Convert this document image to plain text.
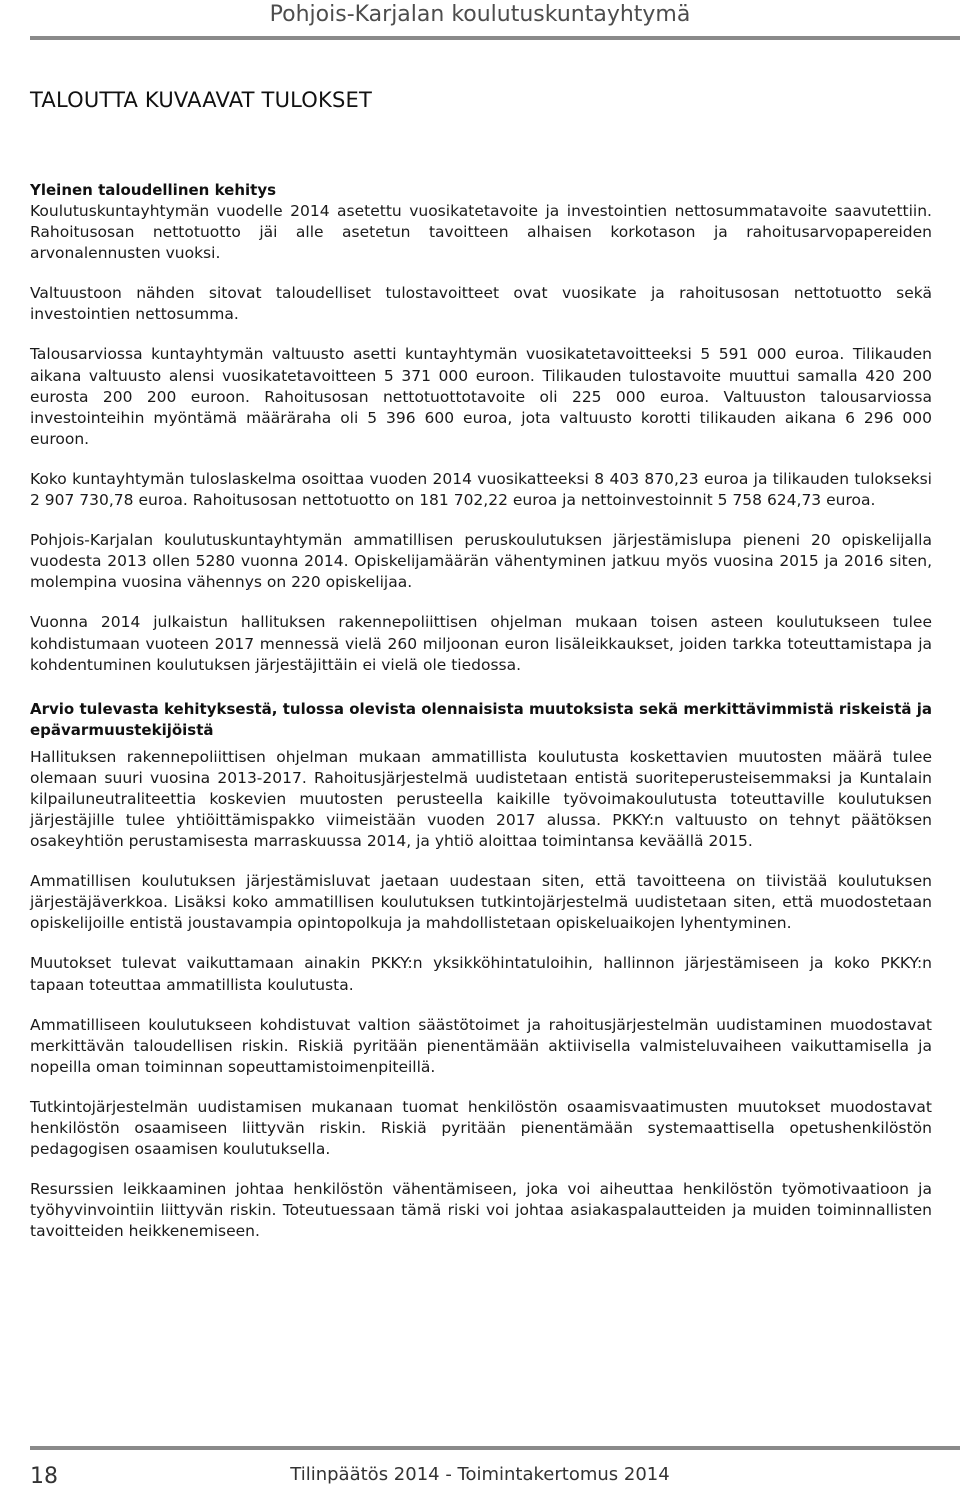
Pohjois-Karjalan koulutuskuntayhtymä
TALOUTTA KUVAAVAT TULOKSET
Yleinen taloudellinen kehitys

Koulutuskuntayhtymän vuodelle 2014 asetettu vuosikatetavoite ja investointien nettosummatavoite saavutettiin. Rahoitusosan nettotuotto jäi alle asetetun tavoitteen alhaisen korkotason ja rahoitusarvopapereiden arvonalennusten vuoksi.

Valtuustoon nähden sitovat taloudelliset tulostavoitteet ovat vuosikate ja rahoitusosan nettotuotto sekä investointien nettosumma.

Talousarviossa kuntayhtymän valtuusto asetti kuntayhtymän vuosikatetavoitteeksi 5 591 000 euroa. Tilikauden aikana valtuusto alensi vuosikatetavoitteen 5 371 000 euroon. Tilikauden tulostavoite muuttui samalla 420 200 eurosta 200 200 euroon. Rahoitusosan nettotuottotavoite oli 225 000 euroa. Valtuuston talousarviossa investointeihin myöntämä määräraha oli 5 396 600 euroa, jota valtuusto korotti tilikauden aikana 6 296 000 euroon.

Koko kuntayhtymän tuloslaskelma osoittaa vuoden 2014 vuosikatteeksi 8 403 870,23 euroa ja tilikauden tulokseksi 2 907 730,78 euroa. Rahoitusosan nettotuotto on 181 702,22 euroa ja nettoinvestoinnit 5 758 624,73 euroa.

Pohjois-Karjalan koulutuskuntayhtymän ammatillisen peruskoulutuksen järjestämislupa pieneni 20 opiskelijalla vuodesta 2013 ollen 5280 vuonna 2014. Opiskelijamäärän vähentyminen jatkuu myös vuosina 2015 ja 2016 siten, molempina vuosina vähennys on 220 opiskelijaa.

Vuonna 2014 julkaistun hallituksen rakennepoliittisen ohjelman mukaan toisen asteen koulutukseen tulee kohdistumaan vuoteen 2017 mennessä vielä 260 miljoonan euron lisäleikkaukset, joiden tarkka toteuttamistapa ja kohdentuminen koulutuksen järjestäjittäin ei vielä ole tiedossa.

Arvio tulevasta kehityksestä, tulossa olevista olennaisista muutoksista sekä merkittävimmistä riskeistä ja epävarmuustekijöistä

Hallituksen rakennepoliittisen ohjelman mukaan ammatillista koulutusta koskettavien muutosten määrä tulee olemaan suuri vuosina 2013-2017. Rahoitusjärjestelmä uudistetaan entistä suoriteperusteisemmaksi ja Kuntalain kilpailuneutraliteettia koskevien muutosten perusteella kaikille työvoimakoulutusta toteuttaville koulutuksen järjestäjille tulee yhtiöittämispakko viimeistään vuoden 2017 alussa. PKKY:n valtuusto on tehnyt päätöksen osakeyhtiön perustamisesta marraskuussa 2014, ja yhtiö aloittaa toimintansa keväällä 2015.

Ammatillisen koulutuksen järjestämisluvat jaetaan uudestaan siten, että tavoitteena on tiivistää koulutuksen järjestäjäverkkoa. Lisäksi koko ammatillisen koulutuksen tutkintojärjestelmä uudistetaan siten, että muodostetaan opiskelijoille entistä joustavampia opintopolkuja ja mahdollistetaan opiskeluaikojen lyhentyminen.

Muutokset tulevat vaikuttamaan ainakin PKKY:n yksikköhintatuloihin, hallinnon järjestämiseen ja koko PKKY:n tapaan toteuttaa ammatillista koulutusta.

Ammatilliseen koulutukseen kohdistuvat valtion säästötoimet ja rahoitusjärjestelmän uudistaminen muodostavat merkittävän taloudellisen riskin. Riskiä pyritään pienentämään aktiivisella valmisteluvaiheen vaikuttamisella ja nopeilla oman toiminnan sopeuttamistoimenpiteillä.

Tutkintojärjestelmän uudistamisen mukanaan tuomat henkilöstön osaamisvaatimusten muutokset muodostavat henkilöstön osaamiseen liittyvän riskin. Riskiä pyritään pienentämään systemaattisella opetushenkilöstön pedagogisen osaamisen koulutuksella.

Resurssien leikkaaminen johtaa henkilöstön vähentämiseen, joka voi aiheuttaa henkilöstön työmotivaatioon ja työhyvinvointiin liittyvän riskin. Toteutuessaan tämä riski voi johtaa asiakaspalautteiden ja muiden toiminnallisten tavoitteiden heikkenemiseen.

18	Tilinpäätös 2014 - Toimintakertomus 2014
